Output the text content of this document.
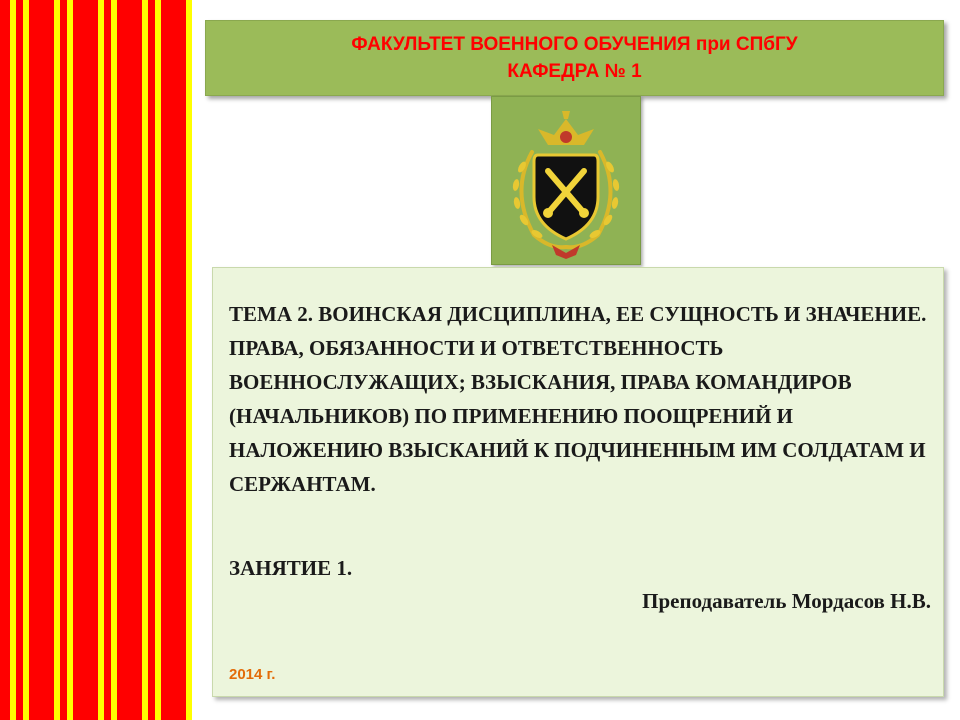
ФАКУЛЬТЕТ ВОЕННОГО ОБУЧЕНИЯ при СПбГУ
КАФЕДРА № 1

ТЕМА 2. ВОИНСКАЯ ДИСЦИПЛИНА, ЕЕ СУЩНОСТЬ И ЗНАЧЕНИЕ. ПРАВА, ОБЯЗАННОСТИ И ОТВЕТСТВЕННОСТЬ ВОЕННОСЛУЖАЩИХ; ВЗЫСКАНИЯ, ПРАВА КОМАНДИРОВ (НАЧАЛЬНИКОВ) ПО ПРИМЕНЕНИЮ ПООЩРЕНИЙ И НАЛОЖЕНИЮ ВЗЫСКАНИЙ К ПОДЧИНЕННЫМ ИМ СОЛДАТАМ И СЕРЖАНТАМ.

ЗАНЯТИЕ 1.
Преподаватель Мордасов Н.В.
2014 г.
